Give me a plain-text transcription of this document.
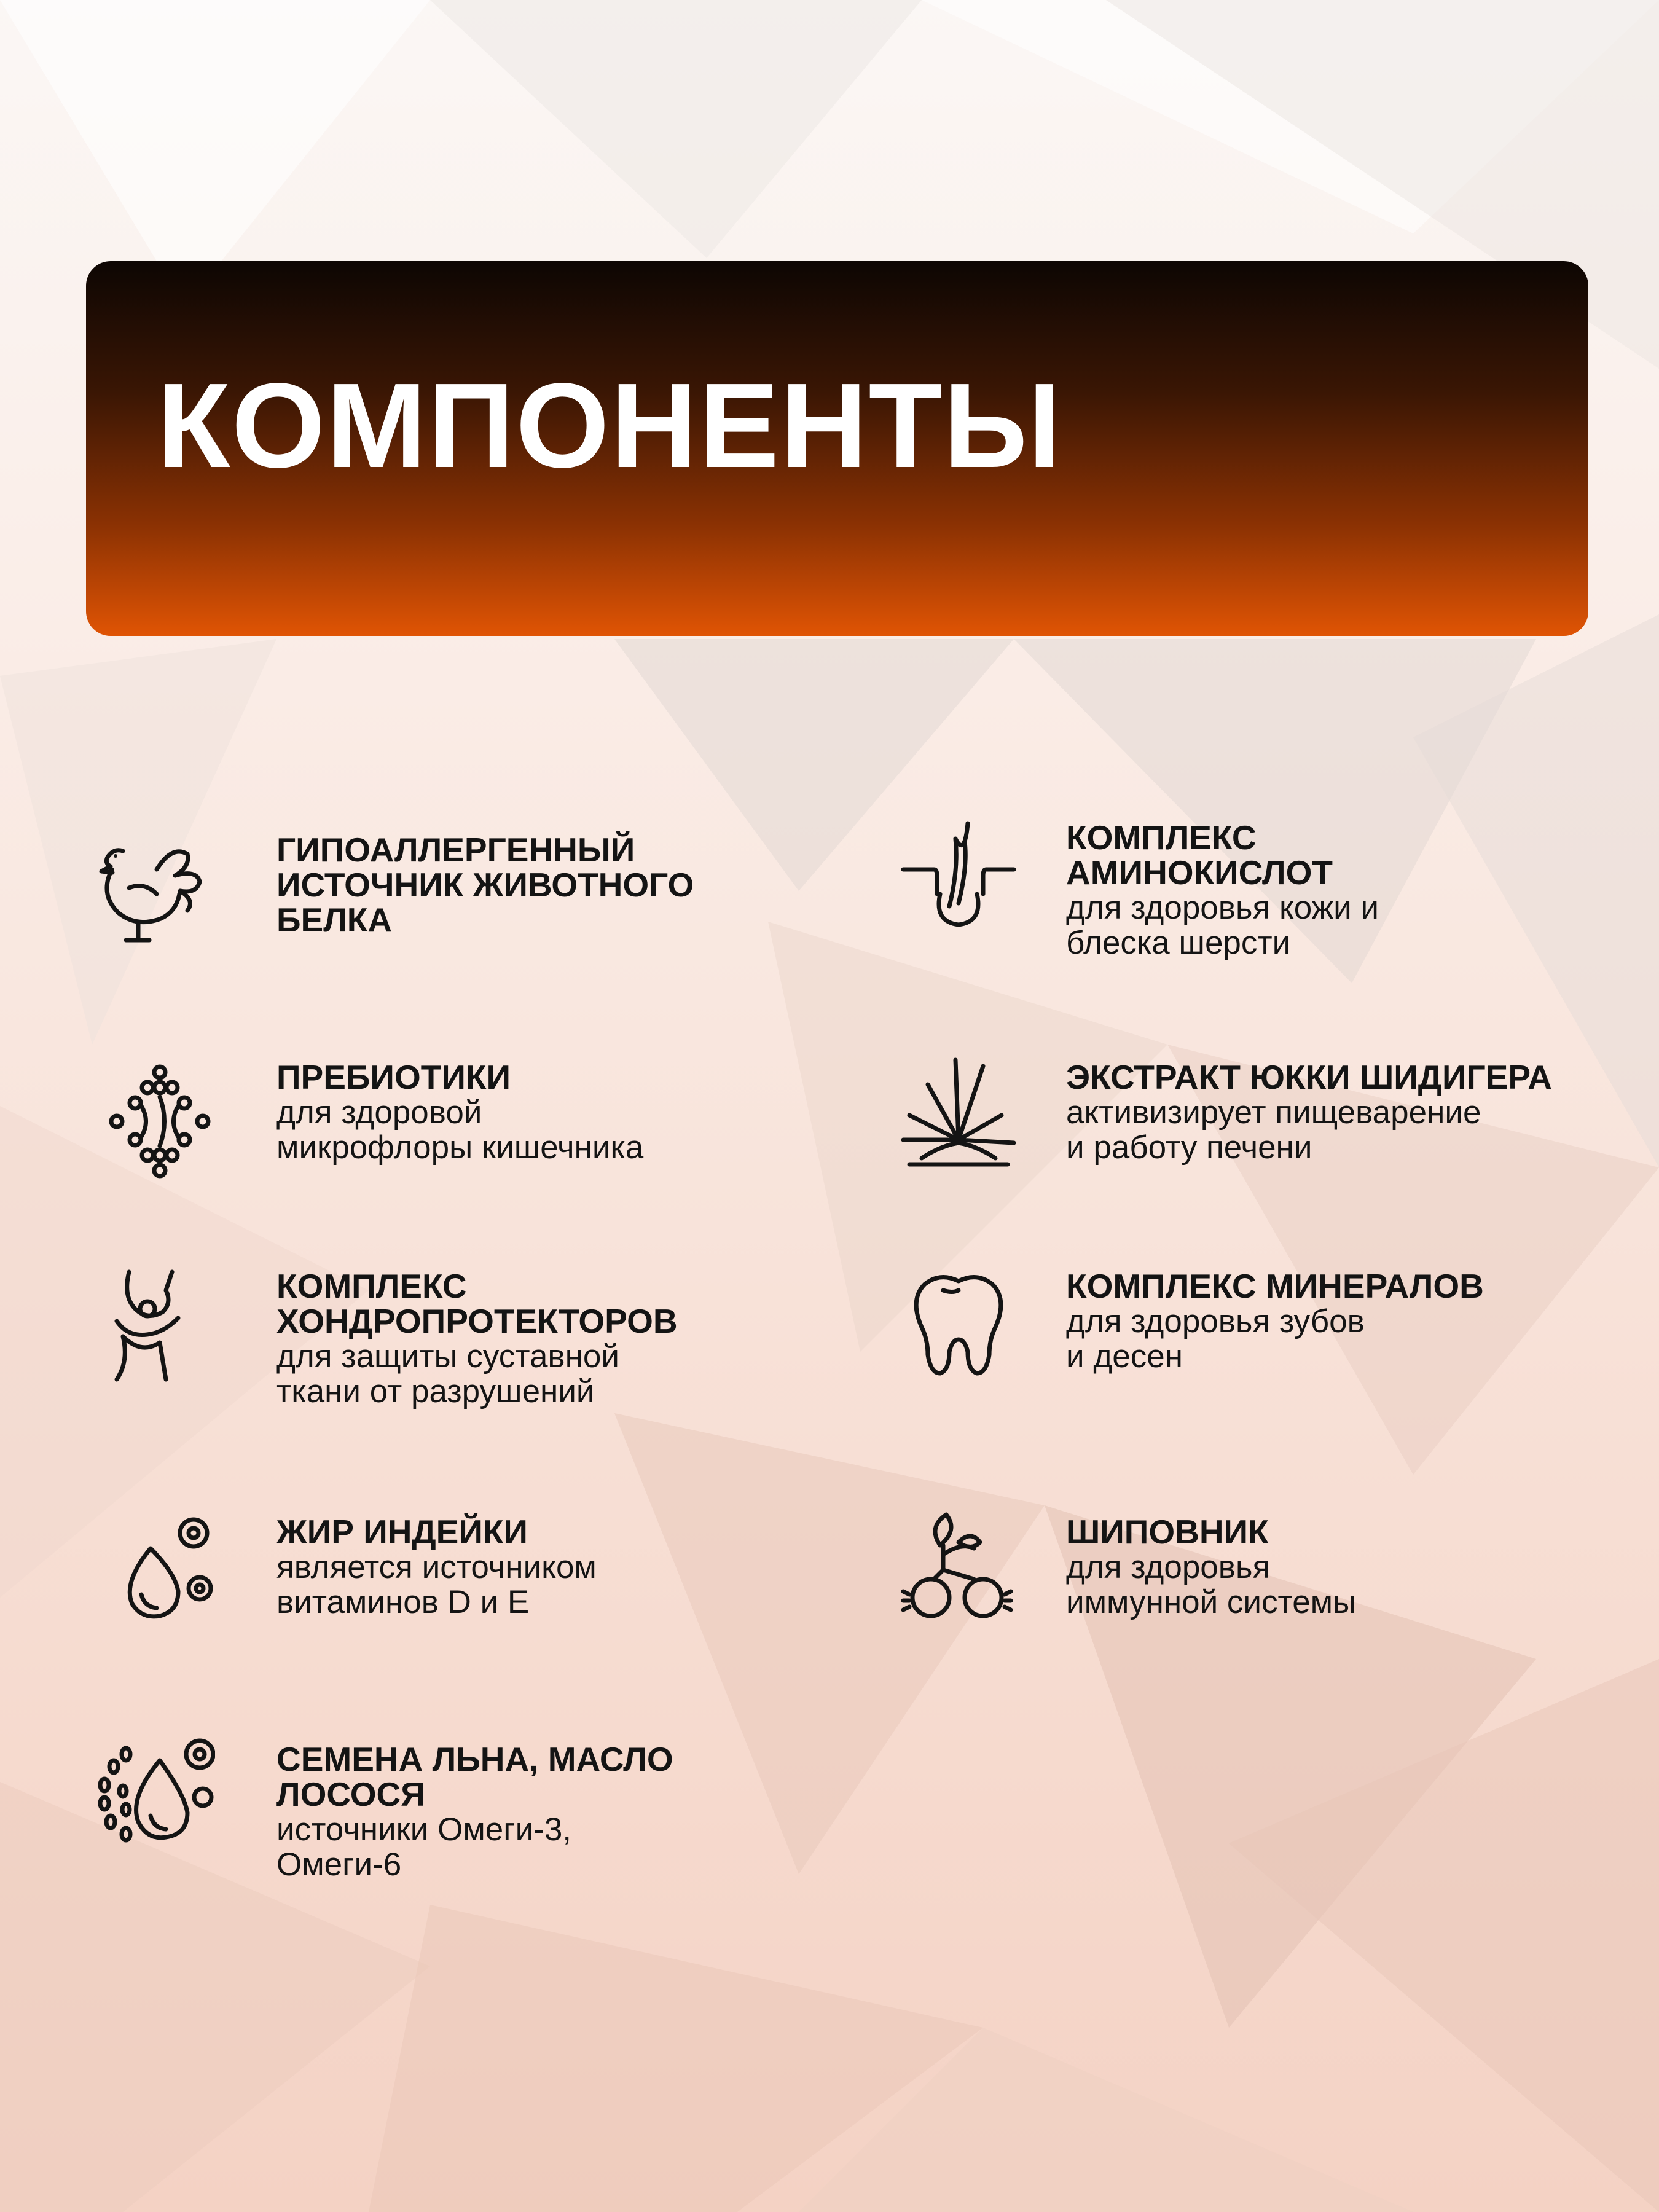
КОМПОНЕНТЫ
ГИПОАЛЛЕРГЕННЫЙ
ИСТОЧНИК ЖИВОТНОГО
БЕЛКА
ПРЕБИОТИКИ
для здоровой
микрофлоры кишечника
КОМПЛЕКС
ХОНДРОПРОТЕКТОРОВ
для защиты суставной
ткани от разрушений
ЖИР ИНДЕЙКИ
является источником
витаминов D и E
СЕМЕНА ЛЬНА, МАСЛО
ЛОСОСЯ
источники Омеги-3,
Омеги-6
КОМПЛЕКС
АМИНОКИСЛОТ
для здоровья кожи и
блеска шерсти
ЭКСТРАКТ ЮККИ ШИДИГЕРА
активизирует пищеварение
и работу печени
КОМПЛЕКС МИНЕРАЛОВ
для здоровья зубов
и десен
ШИПОВНИК
для здоровья
иммунной системы
